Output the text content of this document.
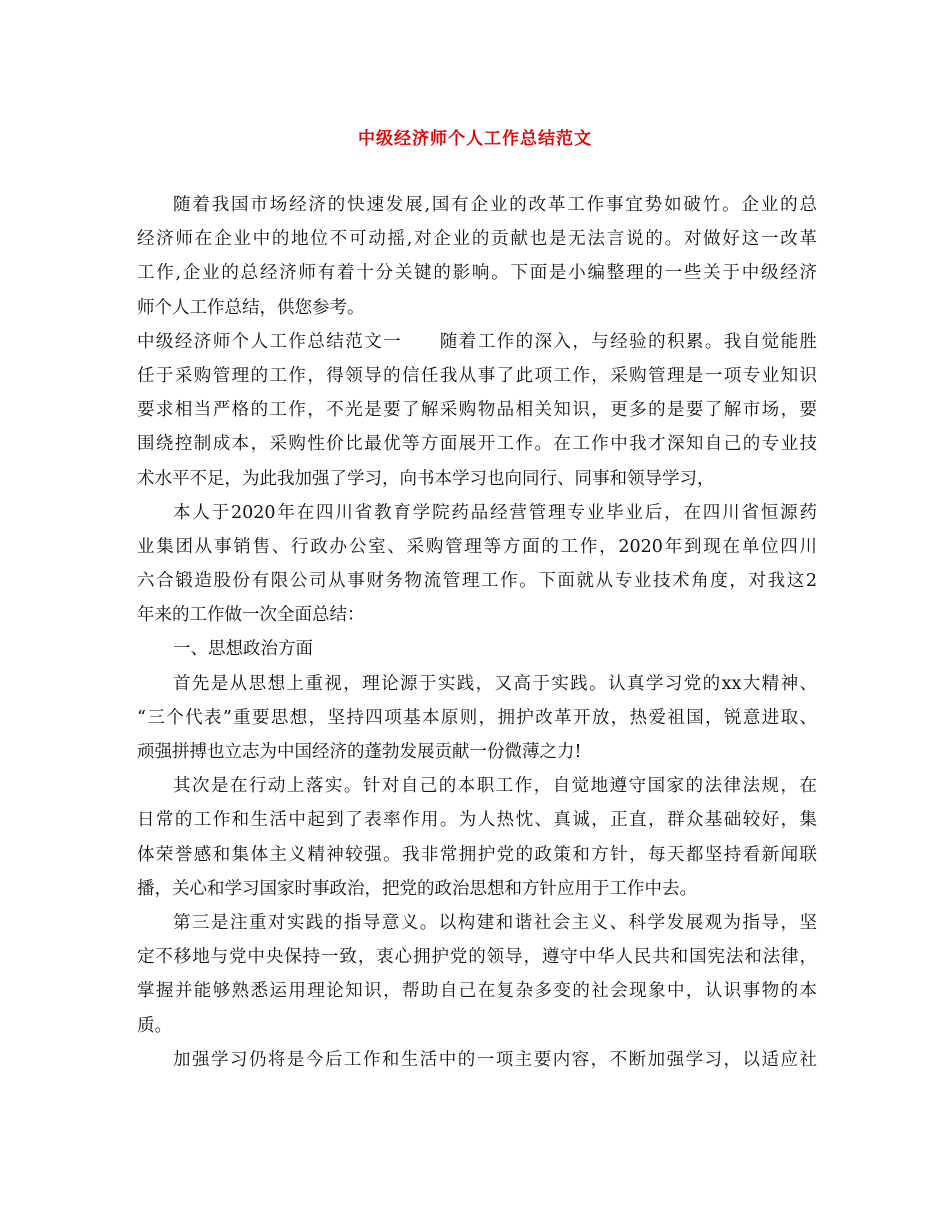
中级经济师个人工作总结范文
随着我国市场经济的快速发展,国有企业的改革工作事宜势如破竹。企业的总
经济师在企业中的地位不可动摇,对企业的贡献也是无法言说的。对做好这一改革
工作,企业的总经济师有着十分关键的影响。下面是小编整理的一些关于中级经济
师个人工作总结，供您参考。
中级经济师个人工作总结范文一　　随着工作的深入，与经验的积累。我自觉能胜
任于采购管理的工作，得领导的信任我从事了此项工作，采购管理是一项专业知识
要求相当严格的工作，不光是要了解采购物品相关知识，更多的是要了解市场，要
围绕控制成本，采购性价比最优等方面展开工作。在工作中我才深知自己的专业技
术水平不足，为此我加强了学习，向书本学习也向同行、同事和领导学习，
本人于2020年在四川省教育学院药品经营管理专业毕业后，在四川省恒源药
业集团从事销售、行政办公室、采购管理等方面的工作，2020年到现在单位四川
六合锻造股份有限公司从事财务物流管理工作。下面就从专业技术角度，对我这2
年来的工作做一次全面总结：
一、思想政治方面
首先是从思想上重视，理论源于实践，又高于实践。认真学习党的xx大精神、
“三个代表”重要思想，坚持四项基本原则，拥护改革开放，热爱祖国，锐意进取、
顽强拼搏也立志为中国经济的蓬勃发展贡献一份微薄之力!
其次是在行动上落实。针对自己的本职工作，自觉地遵守国家的法律法规，在
日常的工作和生活中起到了表率作用。为人热忱、真诚，正直，群众基础较好，集
体荣誉感和集体主义精神较强。我非常拥护党的政策和方针，每天都坚持看新闻联
播，关心和学习国家时事政治，把党的政治思想和方针应用于工作中去。
第三是注重对实践的指导意义。以构建和谐社会主义、科学发展观为指导，坚
定不移地与党中央保持一致，衷心拥护党的领导，遵守中华人民共和国宪法和法律，
掌握并能够熟悉运用理论知识，帮助自己在复杂多变的社会现象中，认识事物的本
质。
加强学习仍将是今后工作和生活中的一项主要内容，不断加强学习，以适应社
